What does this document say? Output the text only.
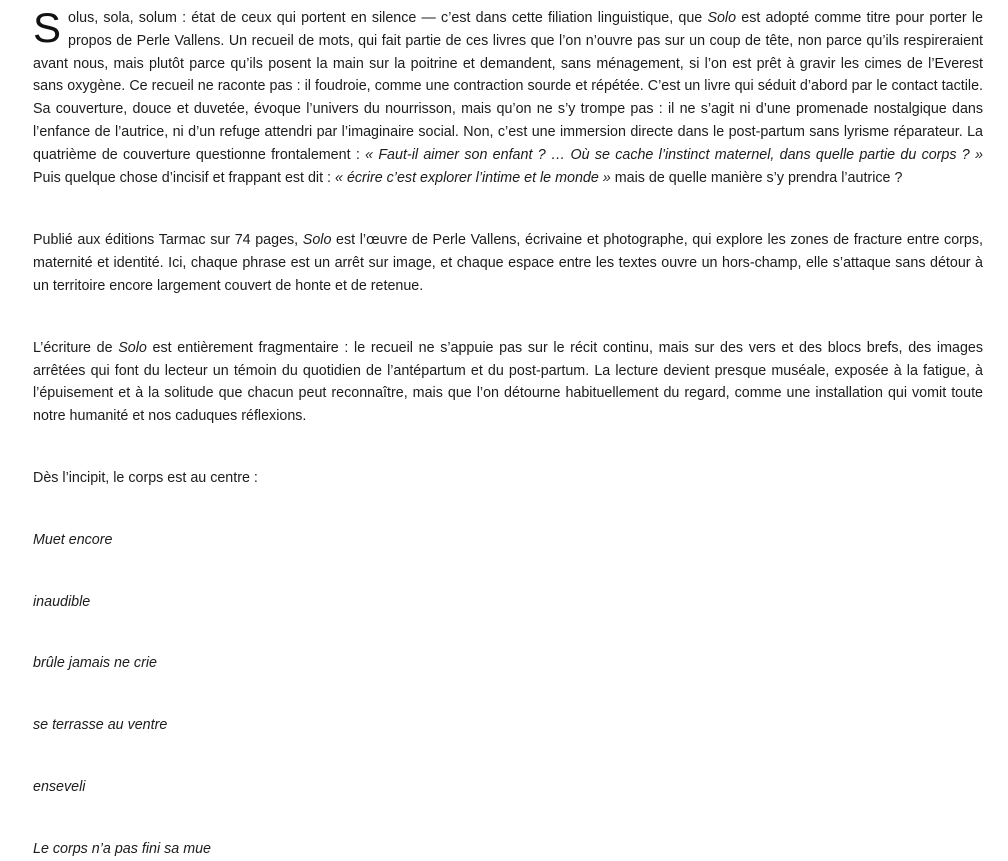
Solus, sola, solum : état de ceux qui portent en silence — c’est dans cette filiation linguistique, que Solo est adopté comme titre pour porter le propos de Perle Vallens. Un recueil de mots, qui fait partie de ces livres que l’on n’ouvre pas sur un coup de tête, non parce qu’ils respireraient avant nous, mais plutôt parce qu’ils posent la main sur la poitrine et demandent, sans ménagement, si l’on est prêt à gravir les cimes de l’Everest sans oxygène. Ce recueil ne raconte pas : il foudroie, comme une contraction sourde et répétée. C’est un livre qui séduit d’abord par le contact tactile. Sa couverture, douce et duvetée, évoque l’univers du nourrisson, mais qu’on ne s’y trompe pas : il ne s’agit ni d’une promenade nostalgique dans l’enfance de l’autrice, ni d’un refuge attendri par l’imaginaire social. Non, c’est une immersion directe dans le post-partum sans lyrisme réparateur. La quatrième de couverture questionne frontalement : « Faut-il aimer son enfant ? … Où se cache l’instinct maternel, dans quelle partie du corps ? » Puis quelque chose d’incisif et frappant est dit : « écrire c’est explorer l’intime et le monde » mais de quelle manière s’y prendra l’autrice ?

Publié aux éditions Tarmac sur 74 pages, Solo est l’œuvre de Perle Vallens, écrivaine et photographe, qui explore les zones de fracture entre corps, maternité et identité. Ici, chaque phrase est un arrêt sur image, et chaque espace entre les textes ouvre un hors-champ, elle s’attaque sans détour à un territoire encore largement couvert de honte et de retenue.

L’écriture de Solo est entièrement fragmentaire : le recueil ne s’appuie pas sur le récit continu, mais sur des vers et des blocs brefs, des images arrêtées qui font du lecteur un témoin du quotidien de l’antépartum et du post-partum. La lecture devient presque muséale, exposée à la fatigue, à l’épuisement et à la solitude que chacun peut reconnaître, mais que l’on détourne habituellement du regard, comme une installation qui vomit toute notre humanité et nos caduques réflexions.

Dès l’incipit, le corps est au centre :

Muet encore

inaudible

brûle jamais ne crie

se terrasse au ventre

enseveli

Le corps n’a pas fini sa mue
